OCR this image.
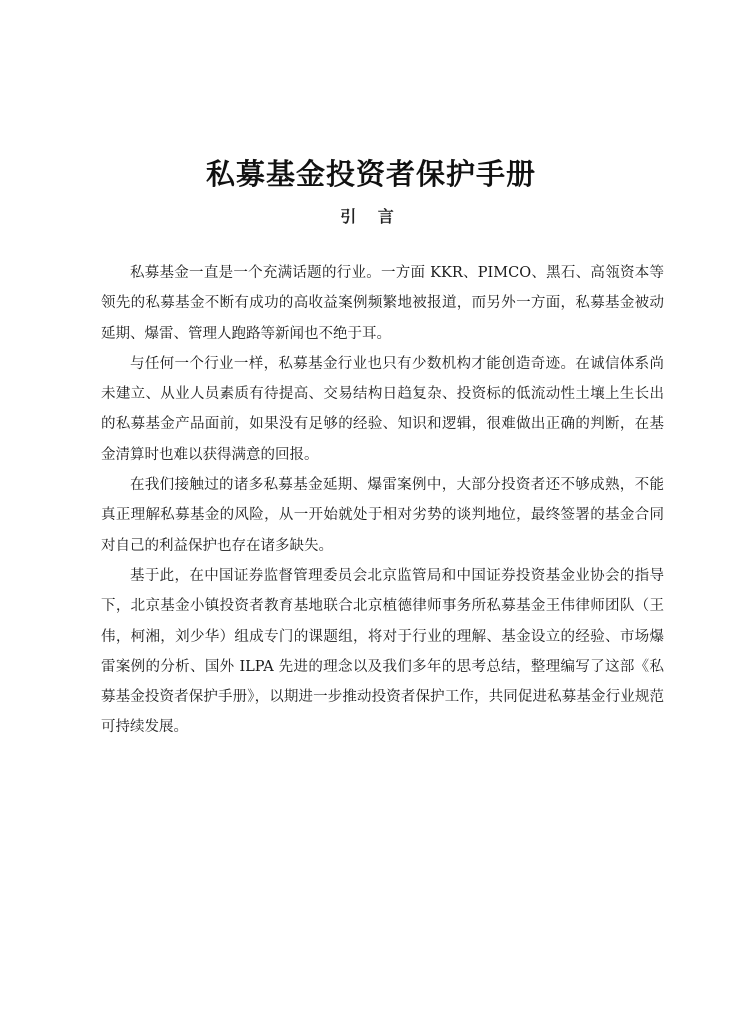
私募基金投资者保护手册
引 言

私募基金一直是一个充满话题的行业。一方面 KKR、PIMCO、黑石、高瓴资本等领先的私募基金不断有成功的高收益案例频繁地被报道，而另外一方面，私募基金被动延期、爆雷、管理人跑路等新闻也不绝于耳。

与任何一个行业一样，私募基金行业也只有少数机构才能创造奇迹。在诚信体系尚未建立、从业人员素质有待提高、交易结构日趋复杂、投资标的低流动性土壤上生长出的私募基金产品面前，如果没有足够的经验、知识和逻辑，很难做出正确的判断，在基金清算时也难以获得满意的回报。

在我们接触过的诸多私募基金延期、爆雷案例中，大部分投资者还不够成熟，不能真正理解私募基金的风险，从一开始就处于相对劣势的谈判地位，最终签署的基金合同对自己的利益保护也存在诸多缺失。

基于此，在中国证券监督管理委员会北京监管局和中国证券投资基金业协会的指导下，北京基金小镇投资者教育基地联合北京植德律师事务所私募基金王伟律师团队（王伟，柯湘，刘少华）组成专门的课题组，将对于行业的理解、基金设立的经验、市场爆雷案例的分析、国外 ILPA 先进的理念以及我们多年的思考总结，整理编写了这部《私募基金投资者保护手册》，以期进一步推动投资者保护工作，共同促进私募基金行业规范可持续发展。
